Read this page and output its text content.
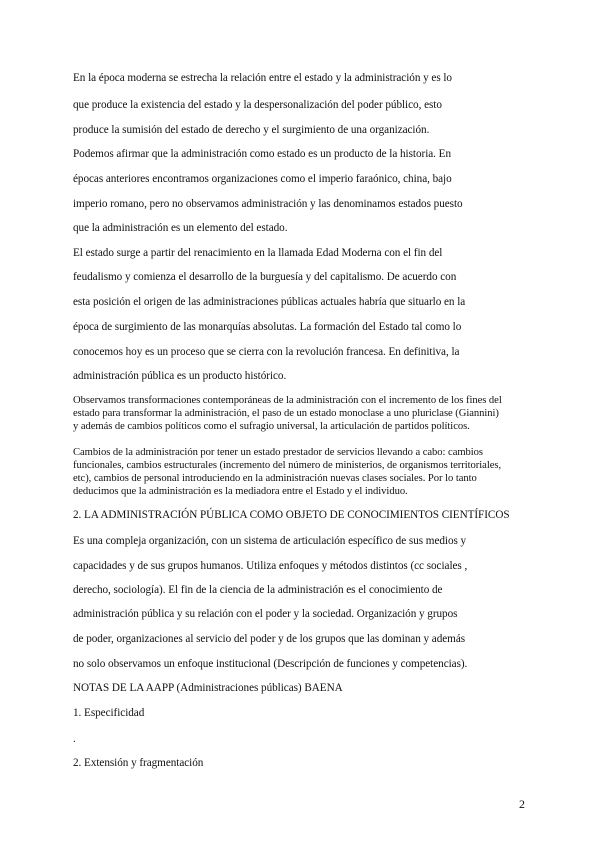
En la época moderna se estrecha la relación entre el estado y la administración y es lo
que produce la existencia del estado y la despersonalización del poder público, esto
produce la sumisión del estado de derecho y el surgimiento de una organización.
Podemos afirmar que la administración como estado es un producto de la historia. En
épocas anteriores encontramos organizaciones como el imperio faraónico, china, bajo
imperio romano, pero no observamos administración y las denominamos estados puesto
que la administración es un elemento del estado.
El estado surge a partir del renacimiento en la llamada Edad Moderna con el fin del
feudalismo y comienza el desarrollo de la burguesía y del capitalismo. De acuerdo con
esta posición el origen de las administraciones públicas actuales habría que situarlo en la
época de surgimiento de las monarquías absolutas. La formación del Estado tal como lo
conocemos hoy es un proceso que se cierra con la revolución francesa. En definitiva, la
administración pública es un producto histórico.
Observamos transformaciones contemporáneas de la administración con el incremento de los fines del
estado para transformar la administración, el paso de un estado monoclase a uno pluriclase (Giannini)
y además de cambios políticos como el sufragio universal, la articulación de partidos políticos.
Cambios de la administración por tener un estado prestador de servicios llevando a cabo: cambios
funcionales, cambios estructurales (incremento del número de ministerios, de organismos territoriales,
etc), cambios de personal introduciendo en la administración nuevas clases sociales. Por lo tanto
deducimos que la administración es la mediadora entre el Estado y el individuo.
2. LA ADMINISTRACIÓN PÚBLICA COMO OBJETO DE CONOCIMIENTOS CIENTÍFICOS
Es una compleja organización, con un sistema de articulación específico de sus medios y
capacidades y de sus grupos humanos. Utiliza enfoques y métodos distintos (cc sociales ,
derecho, sociología). El fin de la ciencia de la administración es el conocimiento de
administración pública y su relación con el poder y la sociedad. Organización y grupos
de poder, organizaciones al servicio del poder y de los grupos que las dominan y además
no solo observamos un enfoque institucional (Descripción de funciones y competencias).
NOTAS DE LA AAPP (Administraciones públicas) BAENA
1. Especificidad
.
2. Extensión y fragmentación
2
